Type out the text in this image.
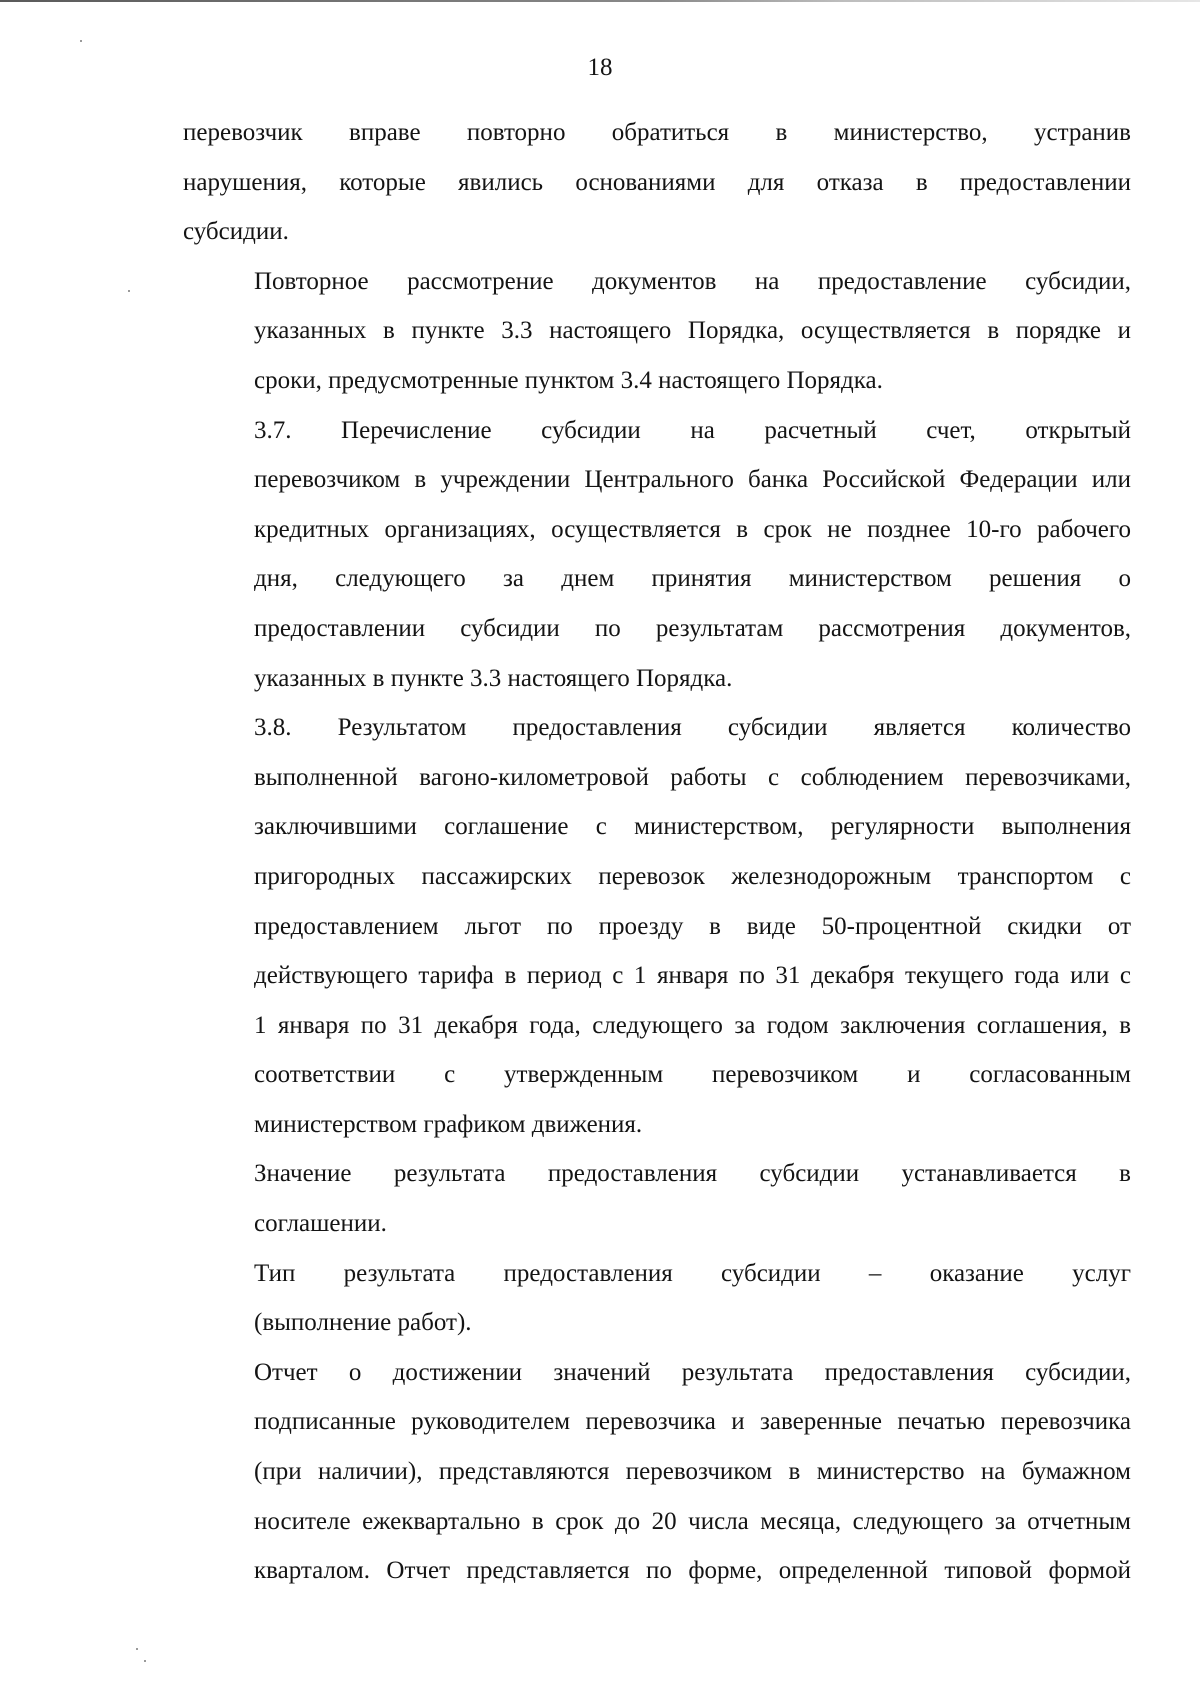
18

перевозчик вправе повторно обратиться в министерство, устранив
нарушения, которые явились основаниями для отказа в предоставлении
субсидии.

Повторное рассмотрение документов на предоставление субсидии,
указанных в пункте 3.3 настоящего Порядка, осуществляется в порядке и
сроки, предусмотренные пунктом 3.4 настоящего Порядка.

3.7. Перечисление субсидии на расчетный счет, открытый
перевозчиком в учреждении Центрального банка Российской Федерации или
кредитных организациях, осуществляется в срок не позднее 10-го рабочего
дня, следующего за днем принятия министерством решения о
предоставлении субсидии по результатам рассмотрения документов,
указанных в пункте 3.3 настоящего Порядка.

3.8. Результатом предоставления субсидии является количество
выполненной вагоно-километровой работы с соблюдением перевозчиками,
заключившими соглашение с министерством, регулярности выполнения
пригородных пассажирских перевозок железнодорожным транспортом с
предоставлением льгот по проезду в виде 50-процентной скидки от
действующего тарифа в период с 1 января по 31 декабря текущего года или с
1 января по 31 декабря года, следующего за годом заключения соглашения, в
соответствии с утвержденным перевозчиком и согласованным
министерством графиком движения.

Значение результата предоставления субсидии устанавливается в
соглашении.

Тип результата предоставления субсидии – оказание услуг
(выполнение работ).

Отчет о достижении значений результата предоставления субсидии,
подписанные руководителем перевозчика и заверенные печатью перевозчика
(при наличии), представляются перевозчиком в министерство на бумажном
носителе ежеквартально в срок до 20 числа месяца, следующего за отчетным
кварталом. Отчет представляется по форме, определенной типовой формой
